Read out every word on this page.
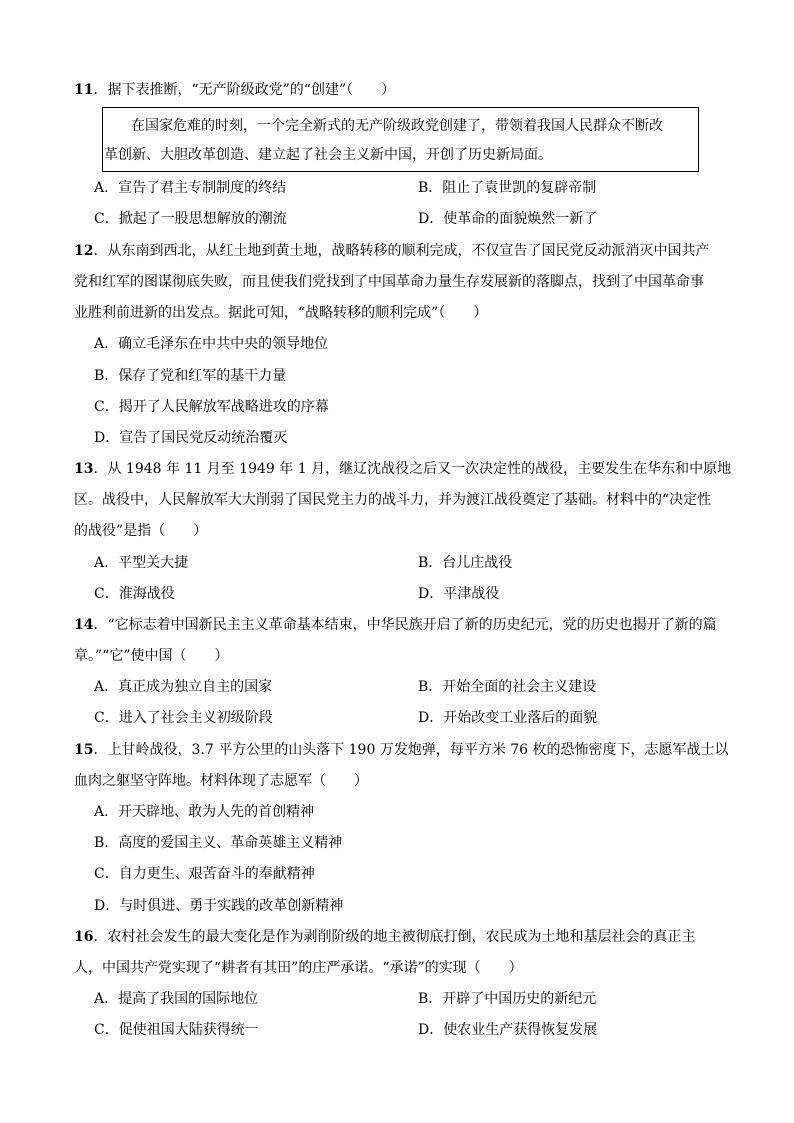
11．据下表推断，“无产阶级政党”的“创建”（　　）
在国家危难的时刻，一个完全新式的无产阶级政党创建了，带领着我国人民群众不断改
革创新、大胆改革创造、建立起了社会主义新中国，开创了历史新局面。
A．宣告了君主专制制度的终结	B．阻止了袁世凯的复辟帝制
C．掀起了一股思想解放的潮流	D．使革命的面貌焕然一新了
12．从东南到西北，从红土地到黄土地，战略转移的顺利完成，不仅宣告了国民党反动派消灭中国共产
党和红军的图谋彻底失败，而且使我们党找到了中国革命力量生存发展新的落脚点，找到了中国革命事
业胜利前进新的出发点。据此可知，“战略转移的顺利完成”（　　）
A．确立毛泽东在中共中央的领导地位
B．保存了党和红军的基干力量
C．揭开了人民解放军战略进攻的序幕
D．宣告了国民党反动统治覆灭
13．从 1948 年 11 月至 1949 年 1 月，继辽沈战役之后又一次决定性的战役，主要发生在华东和中原地
区。战役中，人民解放军大大削弱了国民党主力的战斗力，并为渡江战役奠定了基础。材料中的“决定性
的战役”是指（　　）
A．平型关大捷	B．台儿庄战役
C．淮海战役	D．平津战役
14．“它标志着中国新民主主义革命基本结束，中华民族开启了新的历史纪元，党的历史也揭开了新的篇
章。”“它”使中国（　　）
A．真正成为独立自主的国家	B．开始全面的社会主义建设
C．进入了社会主义初级阶段	D．开始改变工业落后的面貌
15．上甘岭战役，3.7 平方公里的山头落下 190 万发炮弹，每平方米 76 枚的恐怖密度下，志愿军战士以
血肉之躯坚守阵地。材料体现了志愿军（　　）
A．开天辟地、敢为人先的首创精神
B．高度的爱国主义、革命英雄主义精神
C．自力更生、艰苦奋斗的奉献精神
D．与时俱进、勇于实践的改革创新精神
16．农村社会发生的最大变化是作为剥削阶级的地主被彻底打倒，农民成为土地和基层社会的真正主
人，中国共产党实现了“耕者有其田”的庄严承诺。“承诺”的实现（　　）
A．提高了我国的国际地位	B．开辟了中国历史的新纪元
C．促使祖国大陆获得统一	D．使农业生产获得恢复发展
